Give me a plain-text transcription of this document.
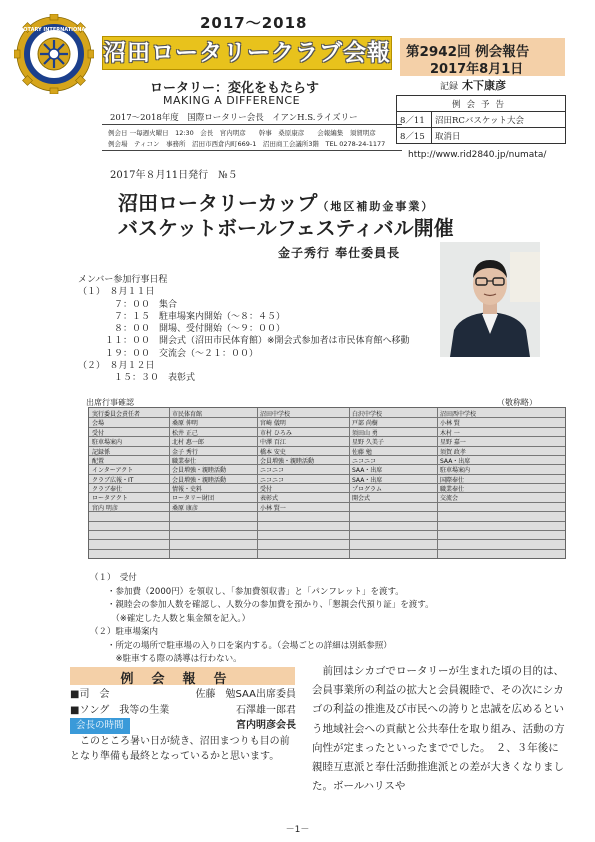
ROTARY INTERNATIONAL	2017～2018
沼田ロータリークラブ会報
ロータリー：変化をもたらす
MAKING A DIFFERENCE
2017～2018年度　国際ロータリー会長　イアンH.S.ライズリー
例会日 一毎週火曜日　12:30　会長　宮内明彦　　幹事　桑原康彦　　会報編集　須賀明彦
例会場　ティコン　事務所　沼田市西倉内町669-1　沼田商工会議所3階　TEL 0278-24-1177
第2942回 例会報告
2017年8月1日
記録 木下康彦
例会予告	
8／11	沼田RCバスケット大会
8／15	取消日
http://www.rid2840.jp/numata/
2017年８月11日発行　№５
沼田ロータリーカップ（地区補助金事業）
バスケットボールフェスティバル開催
金子秀行 奉仕委員長
メンバー参加行事日程
（１）　８月１１日
　　　　７：００　集合
　　　　７：１５　駐車場案内開始（～８：４５）
　　　　８：００　開場、受付開始（～９：００）
　　　１１：００　開会式（沼田市民体育館）※開会式参加者は市民体育館へ移動
　　　１９：００　交流会（～２１：００）
（２）　８月１２日
　　　　１５：３０　表彰式
出席行事確認	（敬称略）
実行委員会責任者	市民体育館	沼田中学校	白沢中学校	沼田西中学校
会場	桑原 伸明	宮崎 儀明	戸部 尚樹	小林 賢
受付	松井 正己	市村 ひろみ	須田山 勇	木村 一
駐車場案内	北村 惠一郎	中澤 百江	星野 久美子	星野 嘉一
記録係	金子 秀行	橋本 安史	佐藤 勉	須賀 政孝
配置	職業奉仕	会員増強・親睦活動	ニコニコ	SAA・出席
インターアクト	会員増強・親睦活動	ニコニコ	SAA・出席	駐車場案内
クラブ広報・IT	会員増強・親睦活動	ニコニコ	SAA・出席	国際奉仕
クラブ奉仕	情報・史料	受付	プログラム	職業奉仕
ロータアクト	ロータリー財団	表彰式	開会式	交流会
宮内 明彦	桑原 康彦	小林 賢一
（１）　受付
　　・参加費（2000円）を領収し、「参加費領収書」と「パンフレット」を渡す。
　　・親睦会の参加人数を確認し、人数分の参加費を預かり、「懇親会代預り証」を渡す。
　　　（※確定した人数と集金額を記入。）
（２）駐車場案内
　　・所定の場所で駐車場の入り口を案内する。（会場ごとの詳細は別紙参照）
　　　※駐車する際の誘導は行わない。
例会報告
■司　会	佐藤　勉SAA出席委員
■ソング　我等の生業	石澤雄一郎君
会長の時間	宮内明彦会長

このところ暑い日が続き、沼田まつりも目の前となり準備も最終となっているかと思います。

　前回はシカゴでロータリーが生まれた頃の目的は、会員事業所の利益の拡大と会員親睦で、その次にシカゴの利益の推進及び市民への誇りと忠誠を広めるという地域社会への貢献と公共奉仕を取り組み、活動の方向性が定まったといったまででした。　２、３年後に親睦互恵派と奉仕活動推進派との差が大きくなりました。ボールハリスや

－1－
